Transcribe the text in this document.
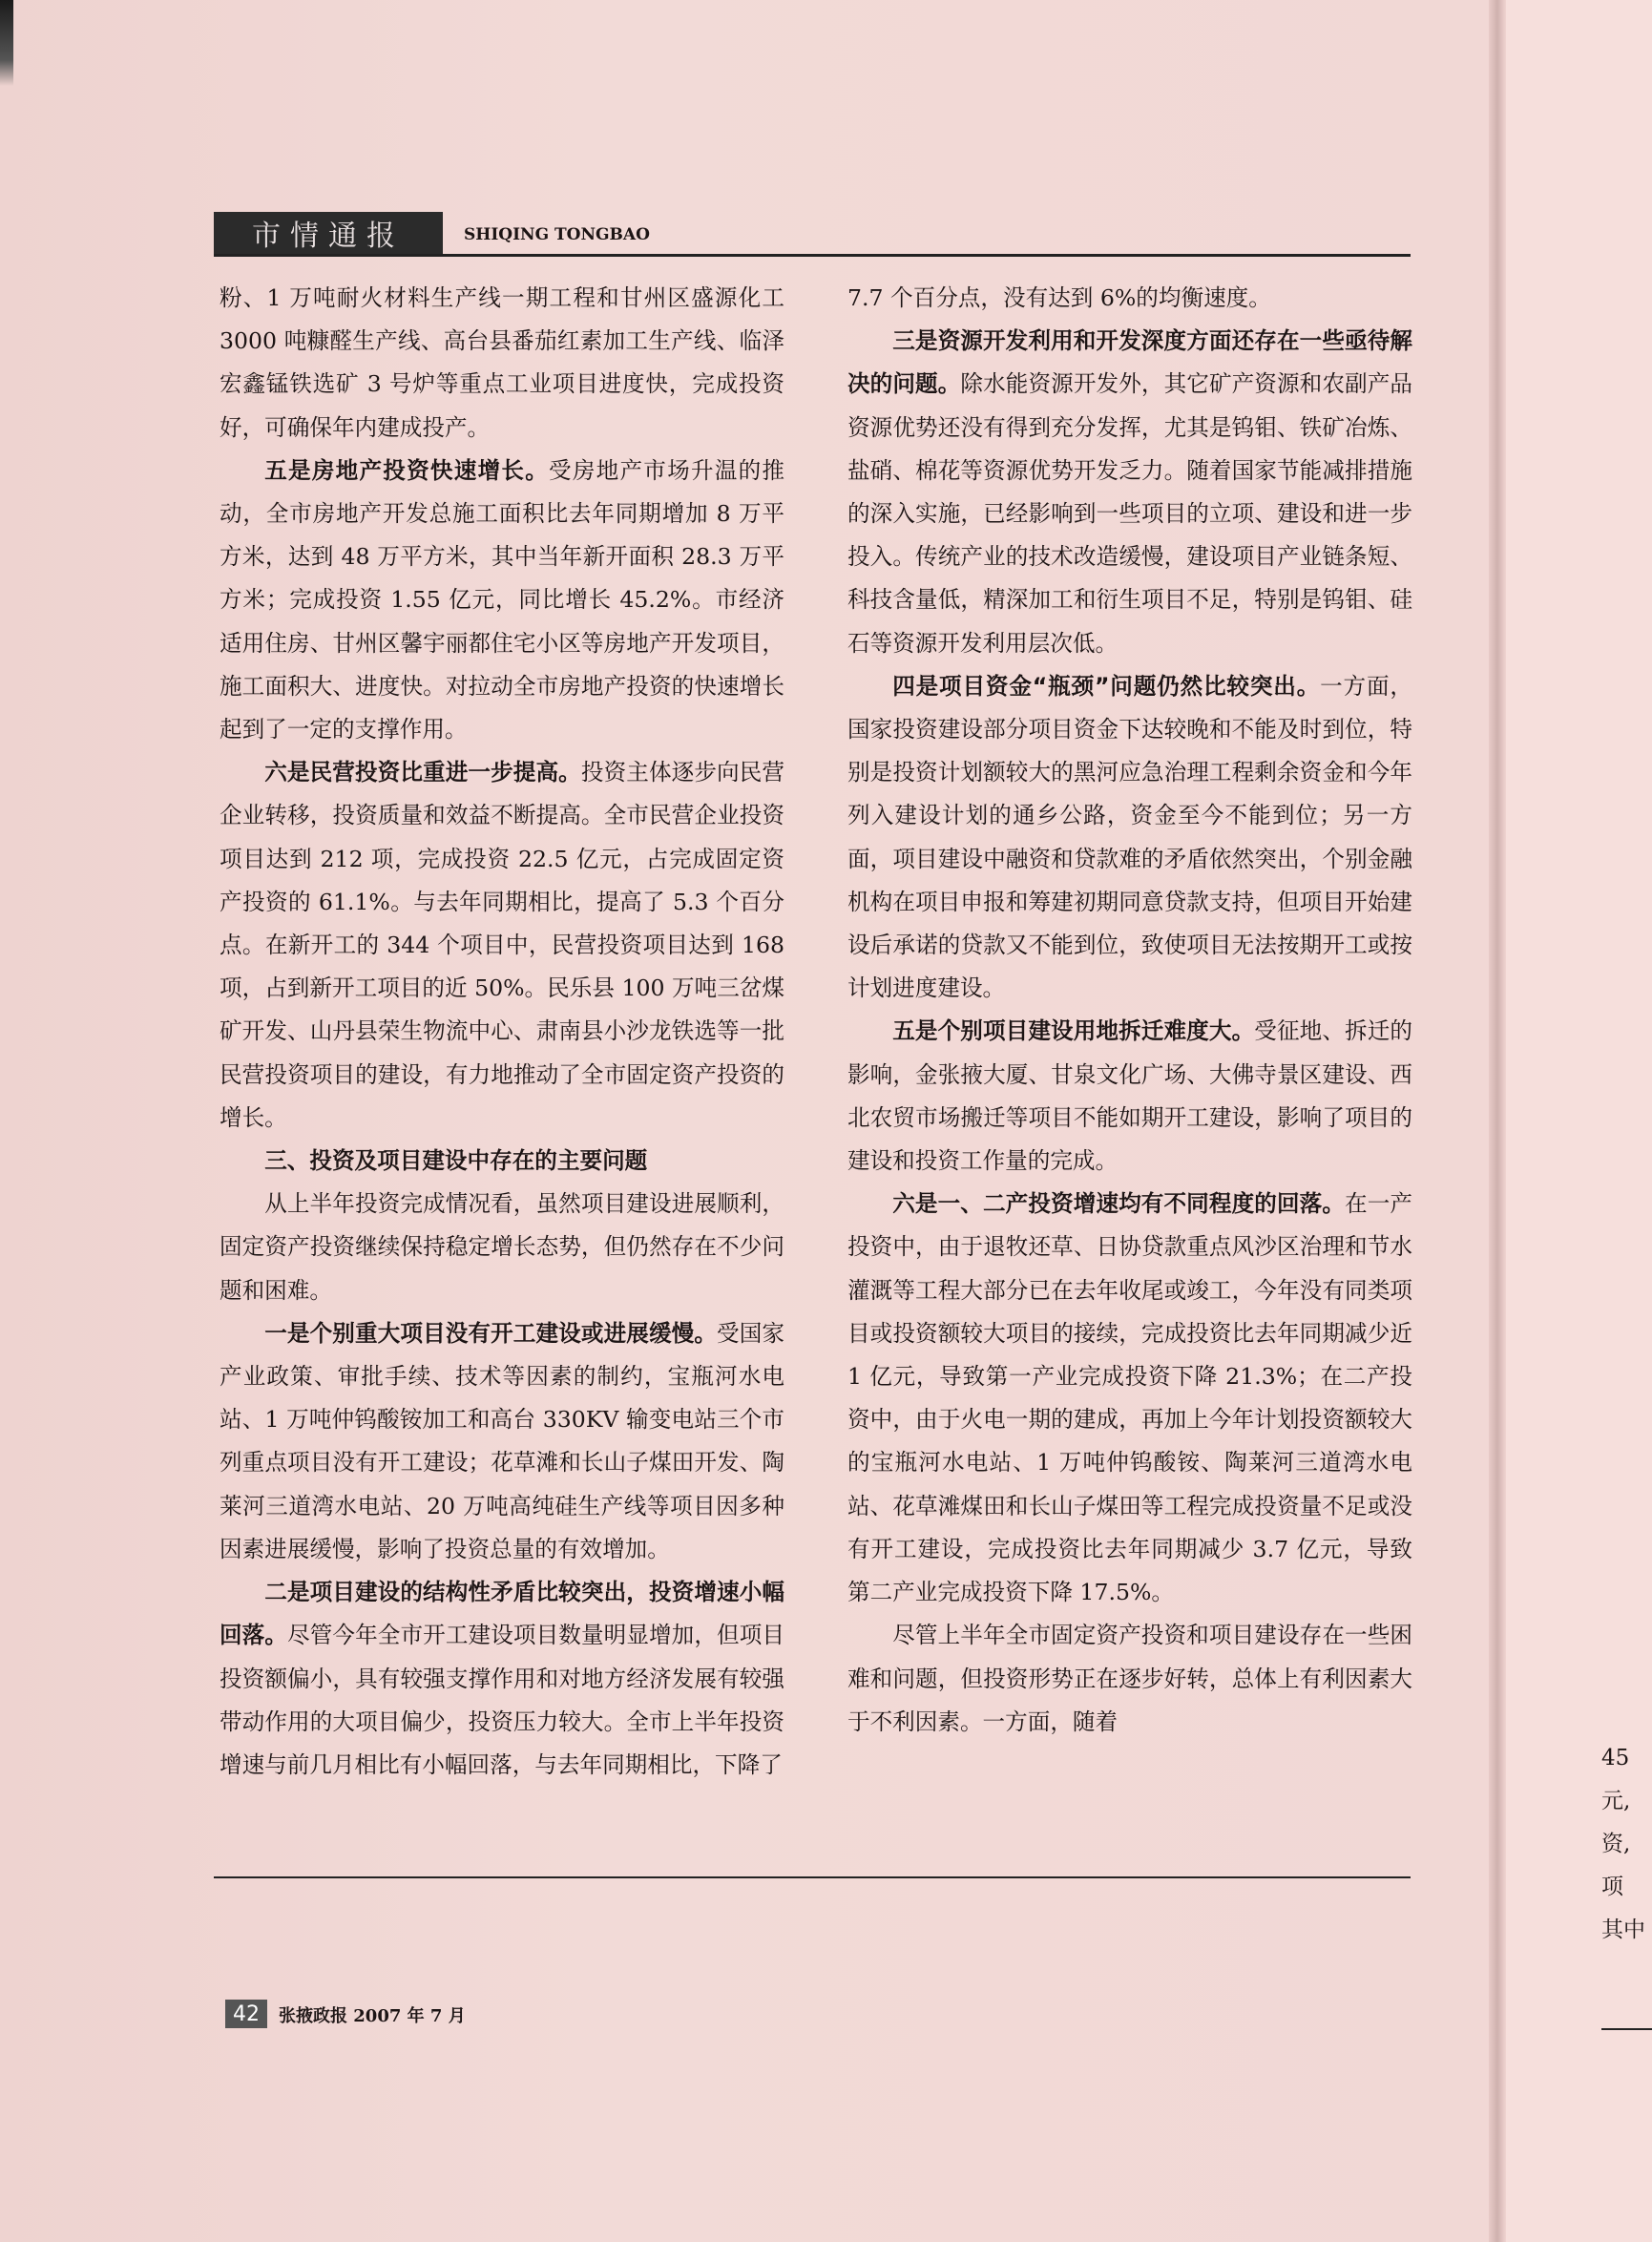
市情通报	SHIQING TONGBAO

粉、1 万吨耐火材料生产线一期工程和甘州区盛源化工 3000 吨糠醛生产线、高台县番茄红素加工生产线、临泽宏鑫锰铁选矿 3 号炉等重点工业项目进度快，完成投资好，可确保年内建成投产。

五是房地产投资快速增长。受房地产市场升温的推动，全市房地产开发总施工面积比去年同期增加 8 万平方米，达到 48 万平方米，其中当年新开面积 28.3 万平方米；完成投资 1.55 亿元，同比增长 45.2%。市经济适用住房、甘州区馨宇丽都住宅小区等房地产开发项目，施工面积大、进度快。对拉动全市房地产投资的快速增长起到了一定的支撑作用。

六是民营投资比重进一步提高。投资主体逐步向民营企业转移，投资质量和效益不断提高。全市民营企业投资项目达到 212 项，完成投资 22.5 亿元，占完成固定资产投资的 61.1%。与去年同期相比，提高了 5.3 个百分点。在新开工的 344 个项目中，民营投资项目达到 168 项，占到新开工项目的近 50%。民乐县 100 万吨三岔煤矿开发、山丹县荣生物流中心、肃南县小沙龙铁选等一批民营投资项目的建设，有力地推动了全市固定资产投资的增长。

三、投资及项目建设中存在的主要问题

从上半年投资完成情况看，虽然项目建设进展顺利，固定资产投资继续保持稳定增长态势，但仍然存在不少问题和困难。

一是个别重大项目没有开工建设或进展缓慢。受国家产业政策、审批手续、技术等因素的制约，宝瓶河水电站、1 万吨仲钨酸铵加工和高台 330KV 输变电站三个市列重点项目没有开工建设；花草滩和长山子煤田开发、陶莱河三道湾水电站、20 万吨高纯硅生产线等项目因多种因素进展缓慢，影响了投资总量的有效增加。

二是项目建设的结构性矛盾比较突出，投资增速小幅回落。尽管今年全市开工建设项目数量明显增加，但项目投资额偏小，具有较强支撑作用和对地方经济发展有较强带动作用的大项目偏少，投资压力较大。全市上半年投资增速与前几月相比有小幅回落，与去年同期相比，下降了

7.7 个百分点，没有达到 6%的均衡速度。

三是资源开发利用和开发深度方面还存在一些亟待解决的问题。除水能资源开发外，其它矿产资源和农副产品资源优势还没有得到充分发挥，尤其是钨钼、铁矿冶炼、盐硝、棉花等资源优势开发乏力。随着国家节能减排措施的深入实施，已经影响到一些项目的立项、建设和进一步投入。传统产业的技术改造缓慢，建设项目产业链条短、科技含量低，精深加工和衍生项目不足，特别是钨钼、硅石等资源开发利用层次低。

四是项目资金“瓶颈”问题仍然比较突出。一方面，国家投资建设部分项目资金下达较晚和不能及时到位，特别是投资计划额较大的黑河应急治理工程剩余资金和今年列入建设计划的通乡公路，资金至今不能到位；另一方面，项目建设中融资和贷款难的矛盾依然突出，个别金融机构在项目申报和筹建初期同意贷款支持，但项目开始建设后承诺的贷款又不能到位，致使项目无法按期开工或按计划进度建设。

五是个别项目建设用地拆迁难度大。受征地、拆迁的影响，金张掖大厦、甘泉文化广场、大佛寺景区建设、西北农贸市场搬迁等项目不能如期开工建设，影响了项目的建设和投资工作量的完成。

六是一、二产投资增速均有不同程度的回落。在一产投资中，由于退牧还草、日协贷款重点风沙区治理和节水灌溉等工程大部分已在去年收尾或竣工，今年没有同类项目或投资额较大项目的接续，完成投资比去年同期减少近 1 亿元，导致第一产业完成投资下降 21.3%；在二产投资中，由于火电一期的建成，再加上今年计划投资额较大的宝瓶河水电站、1 万吨仲钨酸铵、陶莱河三道湾水电站、花草滩煤田和长山子煤田等工程完成投资量不足或没有开工建设，完成投资比去年同期减少 3.7 亿元，导致第二产业完成投资下降 17.5%。

尽管上半年全市固定资产投资和项目建设存在一些困难和问题，但投资形势正在逐步好转，总体上有利因素大于不利因素。一方面，随着

45
元,
资,
项
其中
42	张掖政报 2007 年 7 月
